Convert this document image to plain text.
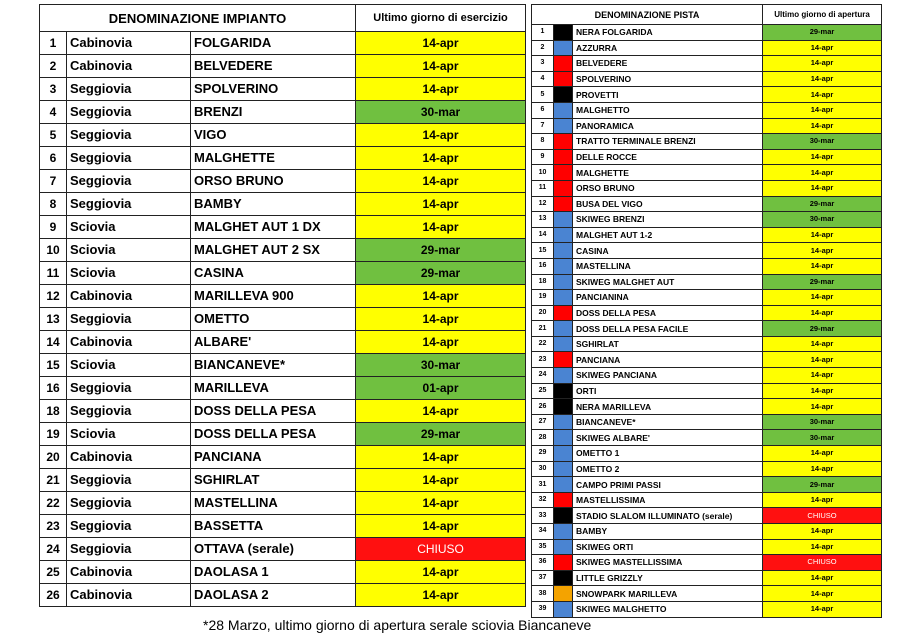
DENOMINAZIONE IMPIANTO			Ultimo giorno di esercizio
1	Cabinovia	FOLGARIDA	14-apr
2	Cabinovia	BELVEDERE	14-apr
3	Seggiovia	SPOLVERINO	14-apr
4	Seggiovia	BRENZI	30-mar
5	Seggiovia	VIGO	14-apr
6	Seggiovia	MALGHETTE	14-apr
7	Seggiovia	ORSO BRUNO	14-apr
8	Seggiovia	BAMBY	14-apr
9	Sciovia	MALGHET AUT 1 DX	14-apr
10	Sciovia	MALGHET AUT 2 SX	29-mar
11	Sciovia	CASINA	29-mar
12	Cabinovia	MARILLEVA 900	14-apr
13	Seggiovia	OMETTO	14-apr
14	Cabinovia	ALBARE'	14-apr
15	Sciovia	BIANCANEVE*	30-mar
16	Seggiovia	MARILLEVA	01-apr
18	Seggiovia	DOSS DELLA PESA	14-apr
19	Sciovia	DOSS DELLA PESA	29-mar
20	Cabinovia	PANCIANA	14-apr
21	Seggiovia	SGHIRLAT	14-apr
22	Seggiovia	MASTELLINA	14-apr
23	Seggiovia	BASSETTA	14-apr
24	Seggiovia	OTTAVA (serale)	CHIUSO
25	Cabinovia	DAOLASA 1	14-apr
26	Cabinovia	DAOLASA 2	14-apr
DENOMINAZIONE PISTA			Ultimo giorno di apertura
1		NERA FOLGARIDA	29-mar
2		AZZURRA	14-apr
3		BELVEDERE	14-apr
4		SPOLVERINO	14-apr
5		PROVETTI	14-apr
6		MALGHETTO	14-apr
7		PANORAMICA	14-apr
8		TRATTO TERMINALE BRENZI	30-mar
9		DELLE ROCCE	14-apr
10		MALGHETTE	14-apr
11		ORSO BRUNO	14-apr
12		BUSA DEL VIGO	29-mar
13		SKIWEG BRENZI	30-mar
14		MALGHET AUT 1-2	14-apr
15		CASINA	14-apr
16		MASTELLINA	14-apr
18		SKIWEG MALGHET AUT	29-mar
19		PANCIANINA	14-apr
20		DOSS DELLA PESA	14-apr
21		DOSS DELLA PESA FACILE	29-mar
22		SGHIRLAT	14-apr
23		PANCIANA	14-apr
24		SKIWEG PANCIANA	14-apr
25		ORTI	14-apr
26		NERA MARILLEVA	14-apr
27		BIANCANEVE*	30-mar
28		SKIWEG ALBARE'	30-mar
29		OMETTO 1	14-apr
30		OMETTO 2	14-apr
31		CAMPO PRIMI PASSI	29-mar
32		MASTELLISSIMA	14-apr
33		STADIO SLALOM ILLUMINATO (serale)	CHIUSO
34		BAMBY	14-apr
35		SKIWEG ORTI	14-apr
36		SKIWEG MASTELLISSIMA	CHIUSO
37		LITTLE GRIZZLY	14-apr
38		SNOWPARK MARILLEVA	14-apr
39		SKIWEG MALGHETTO	14-apr
*28 Marzo, ultimo giorno di apertura serale sciovia Biancaneve
